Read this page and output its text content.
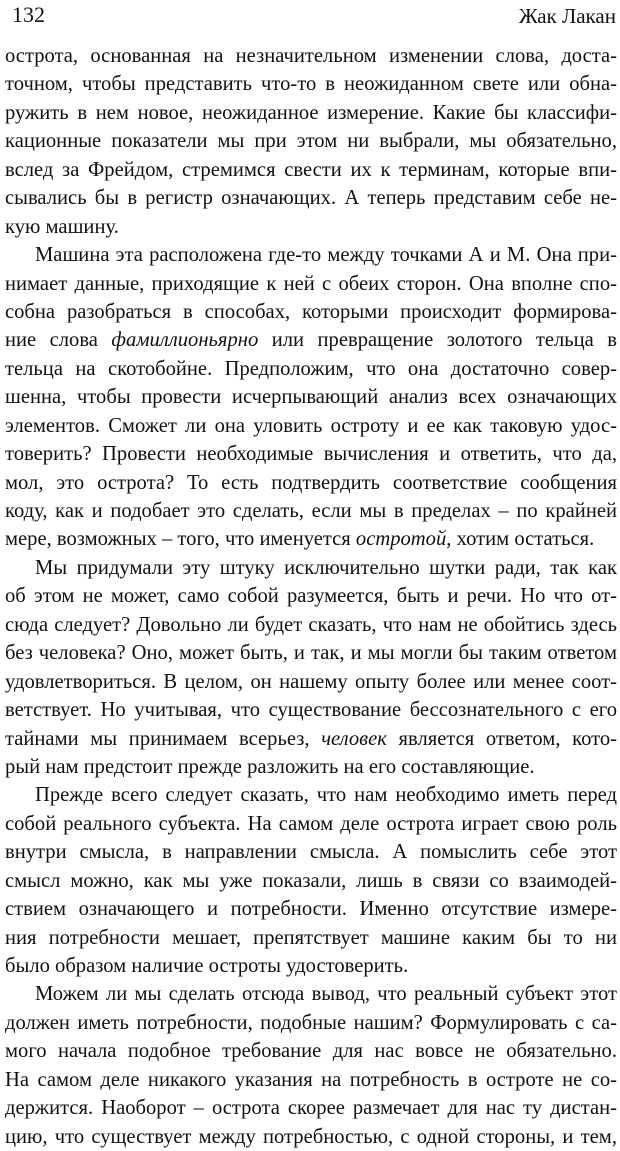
132	Жак Лакан
острота, основанная на незначительном изменении слова, доста-
точном, чтобы представить что-то в неожиданном свете или обна-
ружить в нем новое, неожиданное измерение. Какие бы классифи-
кационные показатели мы при этом ни выбрали, мы обязательно,
вслед за Фрейдом, стремимся свести их к терминам, которые впи-
сывались бы в регистр означающих. А теперь представим себе не-
кую машину.
Машина эта расположена где-то между точками А и М. Она при-
нимает данные, приходящие к ней с обеих сторон. Она вполне спо-
собна разобраться в способах, которыми происходит формирова-
ние слова фамиллионьярно или превращение золотого тельца в
тельца на скотобойне. Предположим, что она достаточно совер-
шенна, чтобы провести исчерпывающий анализ всех означающих
элементов. Сможет ли она уловить остроту и ее как таковую удос-
товерить? Провести необходимые вычисления и ответить, что да,
мол, это острота? То есть подтвердить соответствие сообщения
коду, как и подобает это сделать, если мы в пределах – по крайней
мере, возможных – того, что именуется остротой, хотим остаться.
Мы придумали эту штуку исключительно шутки ради, так как
об этом не может, само собой разумеется, быть и речи. Но что от-
сюда следует? Довольно ли будет сказать, что нам не обойтись здесь
без человека? Оно, может быть, и так, и мы могли бы таким ответом
удовлетвориться. В целом, он нашему опыту более или менее соот-
ветствует. Но учитывая, что существование бессознательного с его
тайнами мы принимаем всерьез, человек является ответом, кото-
рый нам предстоит прежде разложить на его составляющие.
Прежде всего следует сказать, что нам необходимо иметь перед
собой реального субъекта. На самом деле острота играет свою роль
внутри смысла, в направлении смысла. А помыслить себе этот
смысл можно, как мы уже показали, лишь в связи со взаимодей-
ствием означающего и потребности. Именно отсутствие измере-
ния потребности мешает, препятствует машине каким бы то ни
было образом наличие остроты удостоверить.
Можем ли мы сделать отсюда вывод, что реальный субъект этот
должен иметь потребности, подобные нашим? Формулировать с са-
мого начала подобное требование для нас вовсе не обязательно.
На самом деле никакого указания на потребность в остроте не со-
держится. Наоборот – острота скорее размечает для нас ту дистан-
цию, что существует между потребностью, с одной стороны, и тем,
